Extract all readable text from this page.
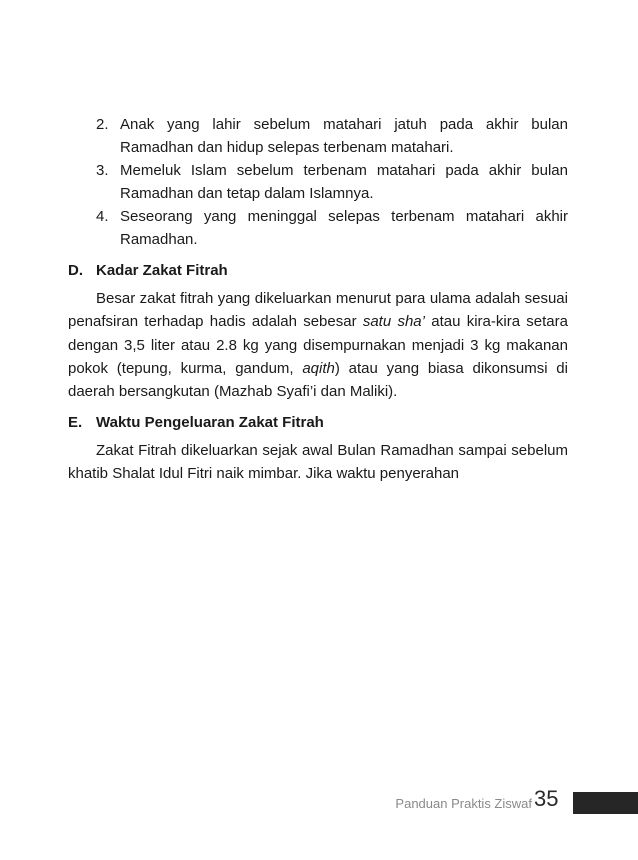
2. Anak yang lahir sebelum matahari jatuh pada akhir bulan Ramadhan dan hidup selepas terbenam matahari.
3. Memeluk Islam sebelum terbenam matahari pada akhir bulan Ramadhan dan tetap dalam Islamnya.
4. Seseorang yang meninggal selepas terbenam matahari akhir Ramadhan.
D. Kadar Zakat Fitrah

Besar zakat fitrah yang dikeluarkan menurut para ulama adalah sesuai penafsiran terhadap hadis adalah sebesar satu sha’ atau kira-kira setara dengan 3,5 liter atau 2.8 kg yang disempurnakan menjadi 3 kg makanan pokok (tepung, kurma, gandum, aqith) atau yang biasa dikonsumsi di daerah bersangkutan (Mazhab Syafi’i dan Maliki).

E. Waktu Pengeluaran Zakat Fitrah

Zakat Fitrah dikeluarkan sejak awal Bulan Ramadhan sampai sebelum khatib Shalat Idul Fitri naik mimbar. Jika waktu penyerahan

Panduan Praktis Ziswaf 35
